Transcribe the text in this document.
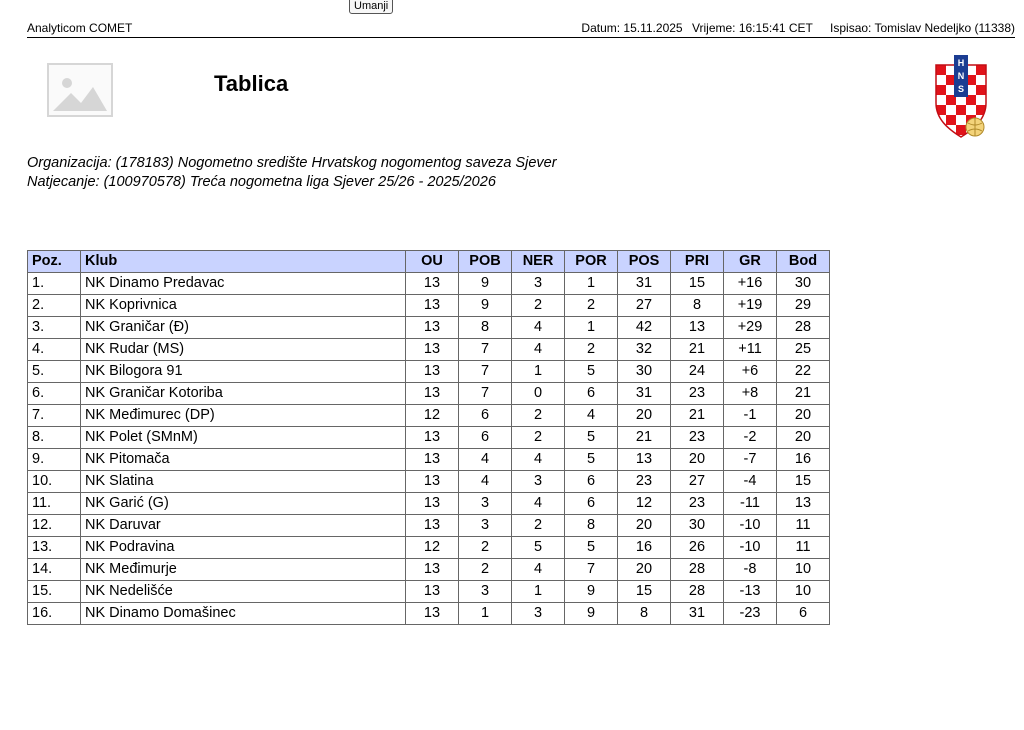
Umanji
Analyticom COMET	Datum: 15.11.2025 Vrijeme: 16:15:41 CET Ispisao: Tomislav Nedeljko (11338)
Tablica
H
N
S
Organizacija: (178183) Nogometno središte Hrvatskog nogomentog saveza Sjever
Natjecanje: (100970578) Treća nogometna liga Sjever 25/26 - 2025/2026
Poz.	Klub	OU	POB	NER	POR	POS	PRI	GR	Bod
1.	NK Dinamo Predavac	13	9	3	1	31	15	+16	30
2.	NK Koprivnica	13	9	2	2	27	8	+19	29
3.	NK Graničar (Đ)	13	8	4	1	42	13	+29	28
4.	NK Rudar (MS)	13	7	4	2	32	21	+11	25
5.	NK Bilogora 91	13	7	1	5	30	24	+6	22
6.	NK Graničar Kotoriba	13	7	0	6	31	23	+8	21
7.	NK Međimurec (DP)	12	6	2	4	20	21	-1	20
8.	NK Polet (SMnM)	13	6	2	5	21	23	-2	20
9.	NK Pitomača	13	4	4	5	13	20	-7	16
10.	NK Slatina	13	4	3	6	23	27	-4	15
11.	NK Garić (G)	13	3	4	6	12	23	-11	13
12.	NK Daruvar	13	3	2	8	20	30	-10	11
13.	NK Podravina	12	2	5	5	16	26	-10	11
14.	NK Međimurje	13	2	4	7	20	28	-8	10
15.	NK Nedelišće	13	3	1	9	15	28	-13	10
16.	NK Dinamo Domašinec	13	1	3	9	8	31	-23	6
